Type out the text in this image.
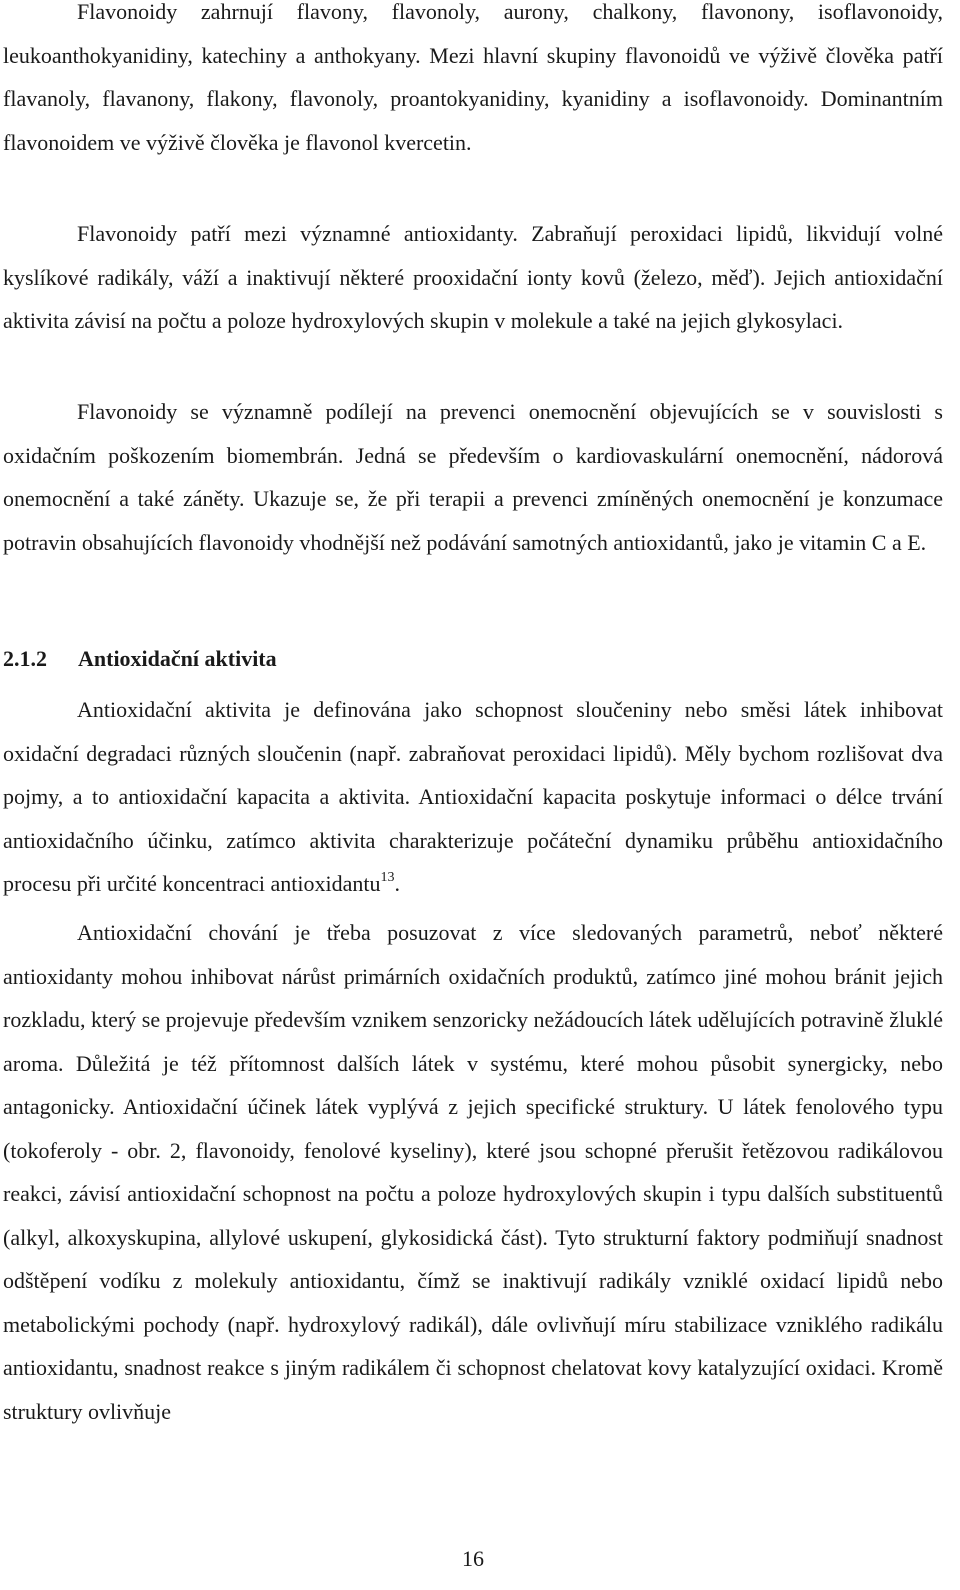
Flavonoidy zahrnují flavony, flavonoly, aurony, chalkony, flavonony, isoflavonoidy, leukoanthokyanidiny, katechiny a anthokyany. Mezi hlavní skupiny flavonoidů ve výživě člověka patří flavanoly, flavanony, flakony, flavonoly, proantokyanidiny, kyanidiny a isoflavonoidy. Dominantním flavonoidem ve výživě člověka je flavonol kvercetin.

Flavonoidy patří mezi významné antioxidanty. Zabraňují peroxidaci lipidů, likvidují volné kyslíkové radikály, váží a inaktivují některé prooxidační ionty kovů (železo, měď). Jejich antioxidační aktivita závisí na počtu a poloze hydroxylových skupin v molekule a také na jejich glykosylaci.

Flavonoidy se významně podílejí na prevenci onemocnění objevujících se v souvislosti s oxidačním poškozením biomembrán. Jedná se především o kardiovaskulární onemocnění, nádorová onemocnění a také záněty. Ukazuje se, že při terapii a prevenci zmíněných onemocnění je konzumace potravin obsahujících flavonoidy vhodnější než podávání samotných antioxidantů, jako je vitamin C a E.

2.1.2 Antioxidační aktivita

Antioxidační aktivita je definována jako schopnost sloučeniny nebo směsi látek inhibovat oxidační degradaci různých sloučenin (např. zabraňovat peroxidaci lipidů). Měly bychom rozlišovat dva pojmy, a to antioxidační kapacita a aktivita. Antioxidační kapacita poskytuje informaci o délce trvání antioxidačního účinku, zatímco aktivita charakterizuje počáteční dynamiku průběhu antioxidačního procesu při určité koncentraci antioxidantu$^{13}$.

Antioxidační chování je třeba posuzovat z více sledovaných parametrů, neboť některé antioxidanty mohou inhibovat nárůst primárních oxidačních produktů, zatímco jiné mohou bránit jejich rozkladu, který se projevuje především vznikem senzoricky nežádoucích látek udělujících potravině žluklé aroma. Důležitá je též přítomnost dalších látek v systému, které mohou působit synergicky, nebo antagonicky. Antioxidační účinek látek vyplývá z jejich specifické struktury. U látek fenolového typu (tokoferoly - obr. 2, flavonoidy, fenolové kyseliny), které jsou schopné přerušit řetězovou radikálovou reakci, závisí antioxidační schopnost na počtu a poloze hydroxylových skupin i typu dalších substituentů (alkyl, alkoxyskupina, allylové uskupení, glykosidická část). Tyto strukturní faktory podmiňují snadnost odštěpení vodíku z molekuly antioxidantu, čímž se inaktivují radikály vzniklé oxidací lipidů nebo metabolickými pochody (např. hydroxylový radikál), dále ovlivňují míru stabilizace vzniklého radikálu antioxidantu, snadnost reakce s jiným radikálem či schopnost chelatovat kovy katalyzující oxidaci. Kromě struktury ovlivňuje

16
